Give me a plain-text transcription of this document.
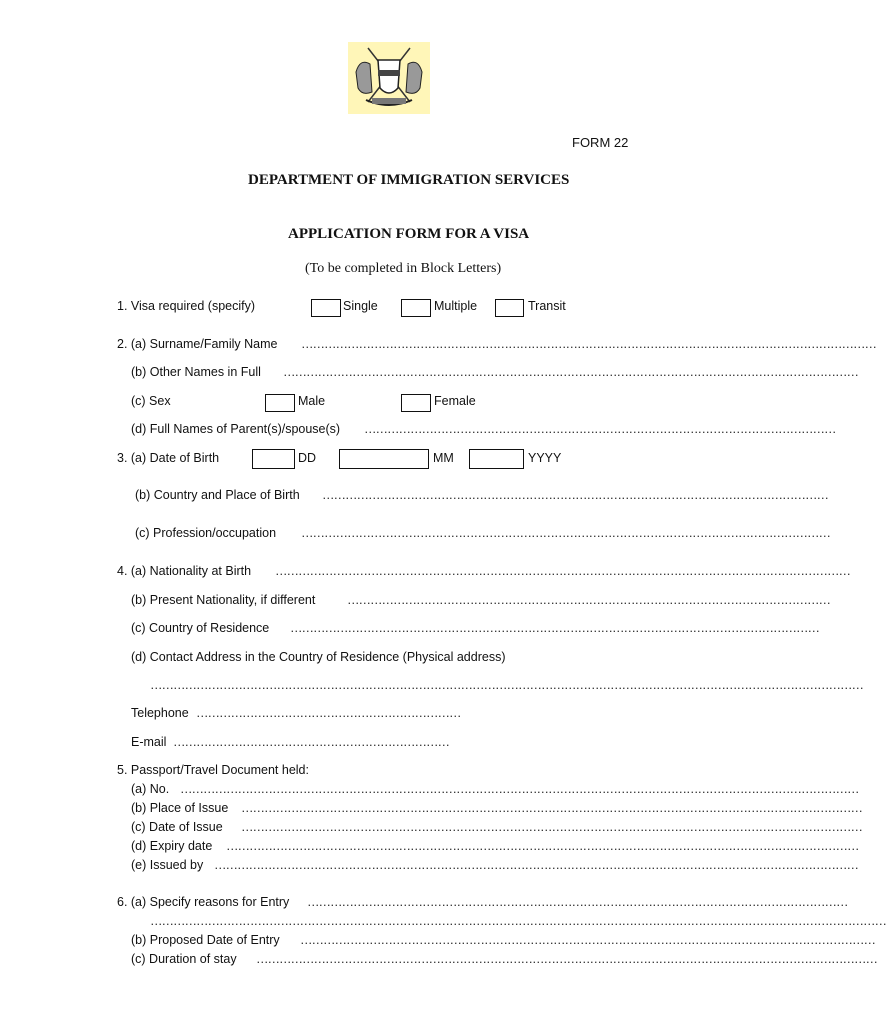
FORM 22
DEPARTMENT OF IMMIGRATION SERVICES
APPLICATION FORM FOR A VISA
(To be completed in Block Letters)
1. Visa required (specify)	Single	Multiple	Transit
2. (a) Surname/Family Name ……………………………………………………………………………………………………………………………………
(b) Other Names in Full ……………………………………………………………………………………………………………………………………
(c) Sex	Male	Female
(d) Full Names of Parent(s)/spouse(s) ……………………………………………………………………………………………………………
3. (a) Date of Birth	DD	MM	YYYY
(b) Country and Place of Birth ……………………………………………………………………………………………………………………
(c) Profession/occupation …………………………………………………………………………………………………………………………
4. (a) Nationality at Birth ……………………………………………………………………………………………………………………………………
(b) Present Nationality, if different	………………………………………………………………………………………………………………
(c) Country of Residence …………………………………………………………………………………………………………………………
(d) Contact Address in the Country of Residence (Physical address)
……………………………………………………………………………………………………………………………………………………………………
Telephone ……………………………………………………………
E-mail ………………………………………………………………
5. Passport/Travel Document held:
(a) No. ……………………………………………………………………………………………………………………………………………………………
(b) Place of Issue ………………………………………………………………………………………………………………………………………………
(c) Date of Issue ………………………………………………………………………………………………………………………………………………
(d) Expiry date …………………………………………………………………………………………………………………………………………………
(e) Issued by ……………………………………………………………………………………………………………………………………………………
6. (a) Specify reasons for Entry ……………………………………………………………………………………………………………………………
…………………………………………………………………………………………………………………………………………………………………………
(b) Proposed Date of Entry ……………………………………………………………………………………………………………………………………
(c) Duration of stay ………………………………………………………………………………………………………………………………………………
